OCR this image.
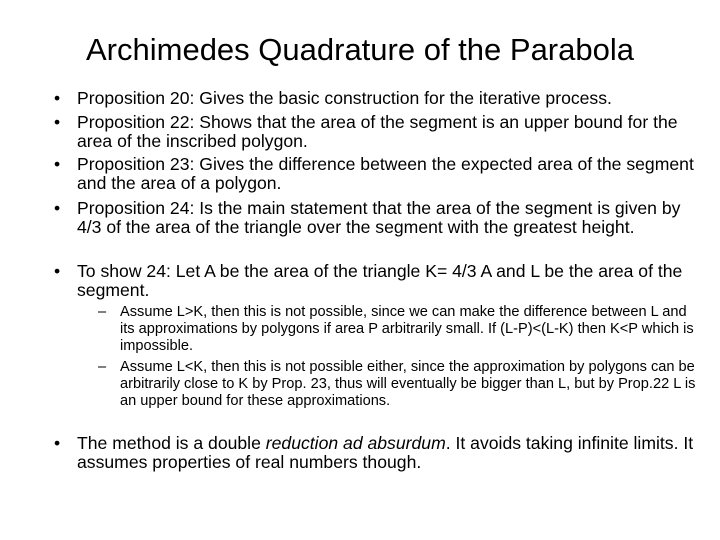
Archimedes Quadrature of the Parabola
• Proposition 20: Gives the basic construction for the iterative process.
• Proposition 22: Shows that the area of the segment is an upper bound for the area of the inscribed polygon.
• Proposition 23: Gives the difference between the expected area of the segment and the area of a polygon.
• Proposition 24: Is the main statement that the area of the segment is given by 4/3 of the area of the triangle over the segment with the greatest height.
• To show 24: Let A be the area of the triangle K= 4/3 A and L be the area of the segment.
– Assume L>K, then this is not possible, since we can make the difference between L and its approximations by polygons if area P arbitrarily small. If (L-P)<(L-K) then K<P which is impossible.
– Assume L<K, then this is not possible either, since the approximation by polygons can be arbitrarily close to K by Prop. 23, thus will eventually be bigger than L, but by Prop.22 L is an upper bound for these approximations.
• The method is a double reduction ad absurdum. It avoids taking infinite limits. It assumes properties of real numbers though.
